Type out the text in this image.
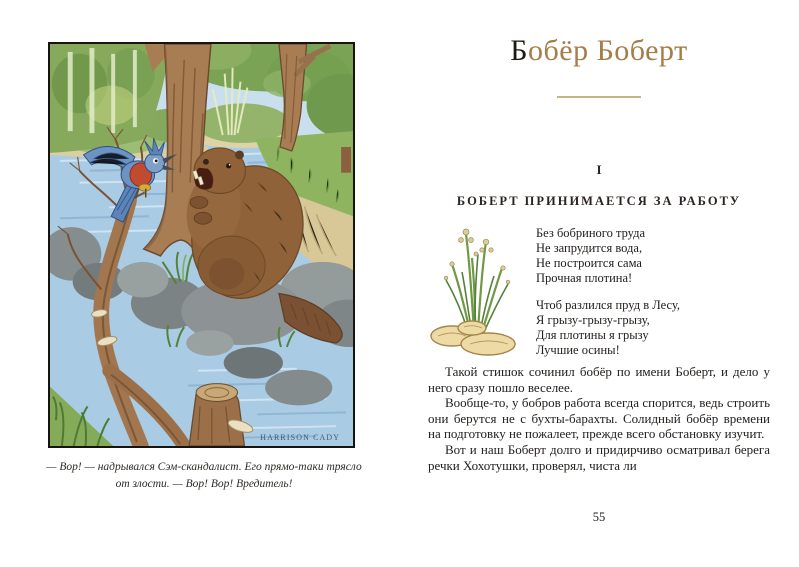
HARRISON CADY
— Вор! — надрывался Сэм-скандалист. Его прямо-таки трясло
от злости. — Вор! Вор! Вредитель!
Бобёр Боберт
I
БОБЕРТ ПРИНИМАЕТСЯ ЗА РАБОТУ
Без бобриного труда
Не запрудится вода,
Не построится сама
Прочная плотина!
Чтоб разлился пруд в Лесу,
Я грызу-грызу-грызу,
Для плотины я грызу
Лучшие осины!

Такой стишок сочинил бобёр по имени Боберт, и дело у него сразу пошло веселее.

Вообще-то, у бобров работа всегда спорится, ведь строить они берутся не с бухты-барахты. Солидный бобёр времени на подготовку не пожалеет, прежде всего обстановку изучит.

Вот и наш Боберт долго и придирчиво осматривал берега речки Хохотушки, проверял, чиста ли

55
